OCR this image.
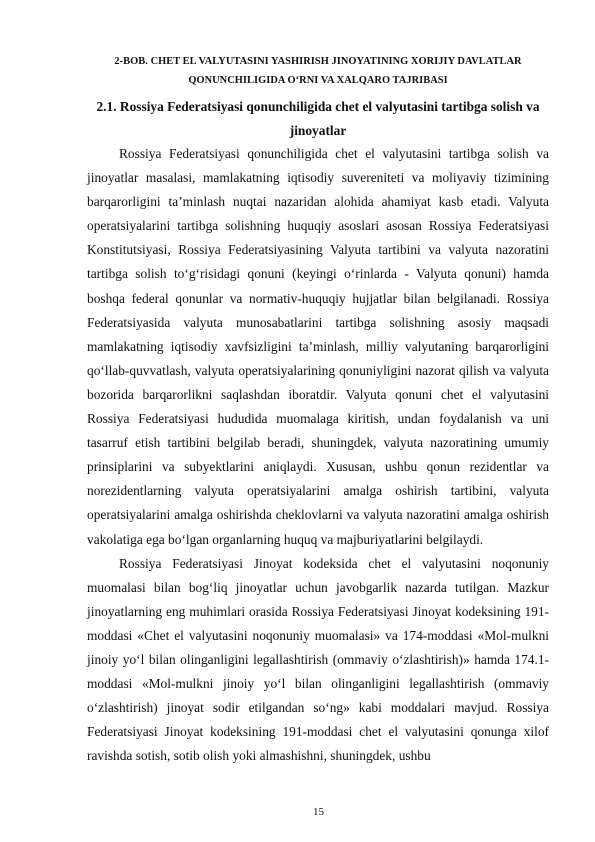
2-BOB. CHET EL VALYUTASINI YASHIRISH JINOYATINING XORIJIY DAVLATLAR QONUNCHILIGIDA O‘RNI VA XALQARO TAJRIBASI
2.1. Rossiya Federatsiyasi qonunchiligida chet el valyutasini tartibga solish va jinoyatlar

Rossiya Federatsiyasi qonunchiligida chet el valyutasini tartibga solish va jinoyatlar masalasi, mamlakatning iqtisodiy suvereniteti va moliyaviy tizimining barqarorligini ta’minlash nuqtai nazaridan alohida ahamiyat kasb etadi. Valyuta operatsiyalarini tartibga solishning huquqiy asoslari asosan Rossiya Federatsiyasi Konstitutsiyasi, Rossiya Federatsiyasining Valyuta tartibini va valyuta nazoratini tartibga solish to‘g‘risidagi qonuni (keyingi o‘rinlarda - Valyuta qonuni) hamda boshqa federal qonunlar va normativ-huquqiy hujjatlar bilan belgilanadi. Rossiya Federatsiyasida valyuta munosabatlarini tartibga solishning asosiy maqsadi mamlakatning iqtisodiy xavfsizligini ta’minlash, milliy valyutaning barqarorligini qo‘llab-quvvatlash, valyuta operatsiyalarining qonuniyligini nazorat qilish va valyuta bozorida barqarorlikni saqlashdan iboratdir. Valyuta qonuni chet el valyutasini Rossiya Federatsiyasi hududida muomalaga kiritish, undan foydalanish va uni tasarruf etish tartibini belgilab beradi, shuningdek, valyuta nazoratining umumiy prinsiplarini va subyektlarini aniqlaydi. Xususan, ushbu qonun rezidentlar va norezidentlarning valyuta operatsiyalarini amalga oshirish tartibini, valyuta operatsiyalarini amalga oshirishda cheklovlarni va valyuta nazoratini amalga oshirish vakolatiga ega bo‘lgan organlarning huquq va majburiyatlarini belgilaydi.

Rossiya Federatsiyasi Jinoyat kodeksida chet el valyutasini noqonuniy muomalasi bilan bog‘liq jinoyatlar uchun javobgarlik nazarda tutilgan. Mazkur jinoyatlarning eng muhimlari orasida Rossiya Federatsiyasi Jinoyat kodeksining 191-moddasi «Chet el valyutasini noqonuniy muomalasi» va 174-moddasi «Mol-mulkni jinoiy yo‘l bilan olinganligini legallashtirish (ommaviy o‘zlashtirish)» hamda 174.1-moddasi «Mol-mulkni jinoiy yo‘l bilan olinganligini legallashtirish (ommaviy o‘zlashtirish) jinoyat sodir etilgandan so‘ng» kabi moddalari mavjud. Rossiya Federatsiyasi Jinoyat kodeksining 191-moddasi chet el valyutasini qonunga xilof ravishda sotish, sotib olish yoki almashishni, shuningdek, ushbu

15
